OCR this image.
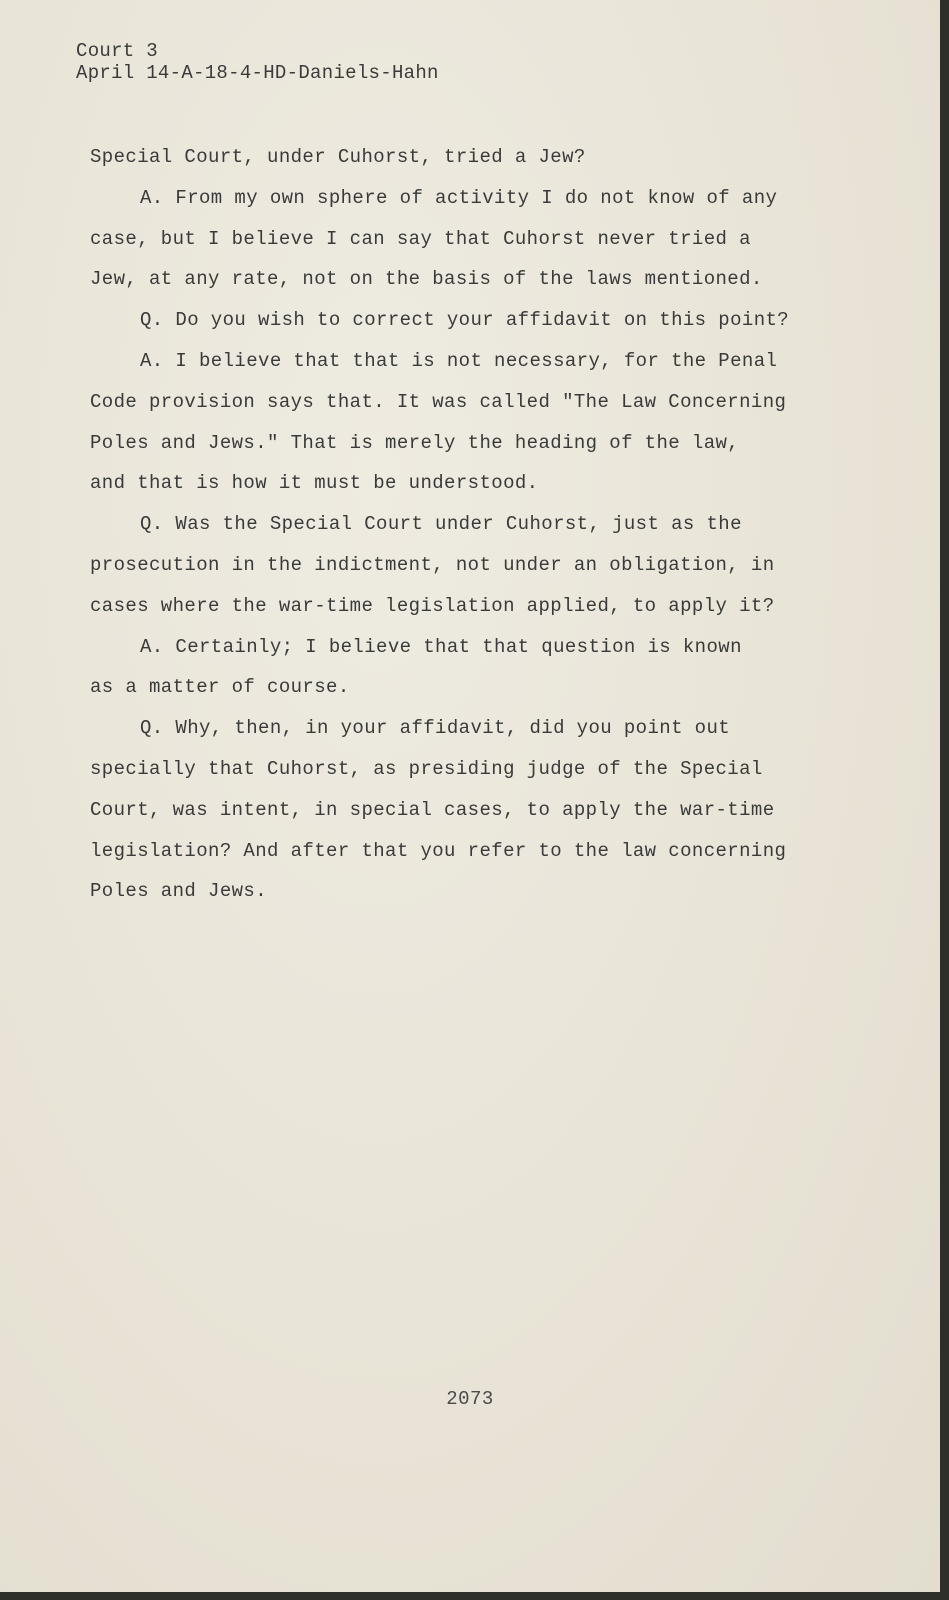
Court 3
April 14-A-18-4-HD-Daniels-Hahn
Special Court, under Cuhorst, tried a Jew?
A. From my own sphere of activity I do not know of any
case, but I believe I can say that Cuhorst never tried a
Jew, at any rate, not on the basis of the laws mentioned.
Q. Do you wish to correct your affidavit on this point?
A. I believe that that is not necessary, for the Penal
Code provision says that. It was called "The Law Concerning
Poles and Jews." That is merely the heading of the law,
and that is how it must be understood.
Q. Was the Special Court under Cuhorst, just as the
prosecution in the indictment, not under an obligation, in
cases where the war-time legislation applied, to apply it?
A. Certainly; I believe that that question is known
as a matter of course.
Q. Why, then, in your affidavit, did you point out
specially that Cuhorst, as presiding judge of the Special
Court, was intent, in special cases, to apply the war-time
legislation? And after that you refer to the law concerning
Poles and Jews.
2073
